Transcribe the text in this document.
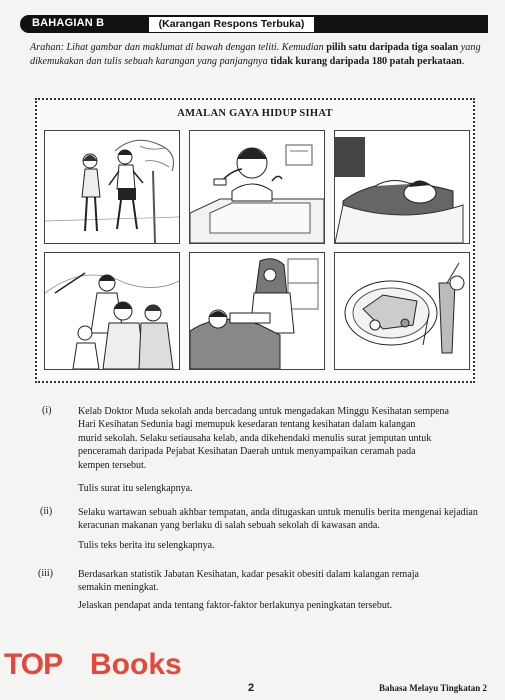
BAHAGIAN B	(Karangan Respons Terbuka)
Arahan: Lihat gambar dan maklumat di bawah dengan teliti. Kemudian pilih satu daripada tiga soalan yang dikemukakan dan tulis sebuah karangan yang panjangnya tidak kurang daripada 180 patah perkataan.
AMALAN GAYA HIDUP SIHAT
(i)	Kelab Doktor Muda sekolah anda bercadang untuk mengadakan Minggu Kesihatan sempena
Hari Kesihatan Sedunia bagi memupuk kesedaran tentang kesihatan dalam kalangan
murid sekolah. Selaku setiausaha kelab, anda dikehendaki menulis surat jemputan untuk
penceramah daripada Pejabat Kesihatan Daerah untuk menyampaikan ceramah pada
kempen tersebut.
Tulis surat itu selengkapnya.
(ii)	Selaku wartawan sebuah akhbar tempatan, anda ditugaskan untuk menulis berita mengenai kejadian
keracunan makanan yang berlaku di salah sebuah sekolah di kawasan anda.
Tulis teks berita itu selengkapnya.
(iii)	Berdasarkan statistik Jabatan Kesihatan, kadar pesakit obesiti dalam kalangan remaja
semakin meningkat.
Jelaskan pendapat anda tentang faktor-faktor berlakunya peningkatan tersebut.
TOP Books
2	Bahasa Melayu Tingkatan 2
